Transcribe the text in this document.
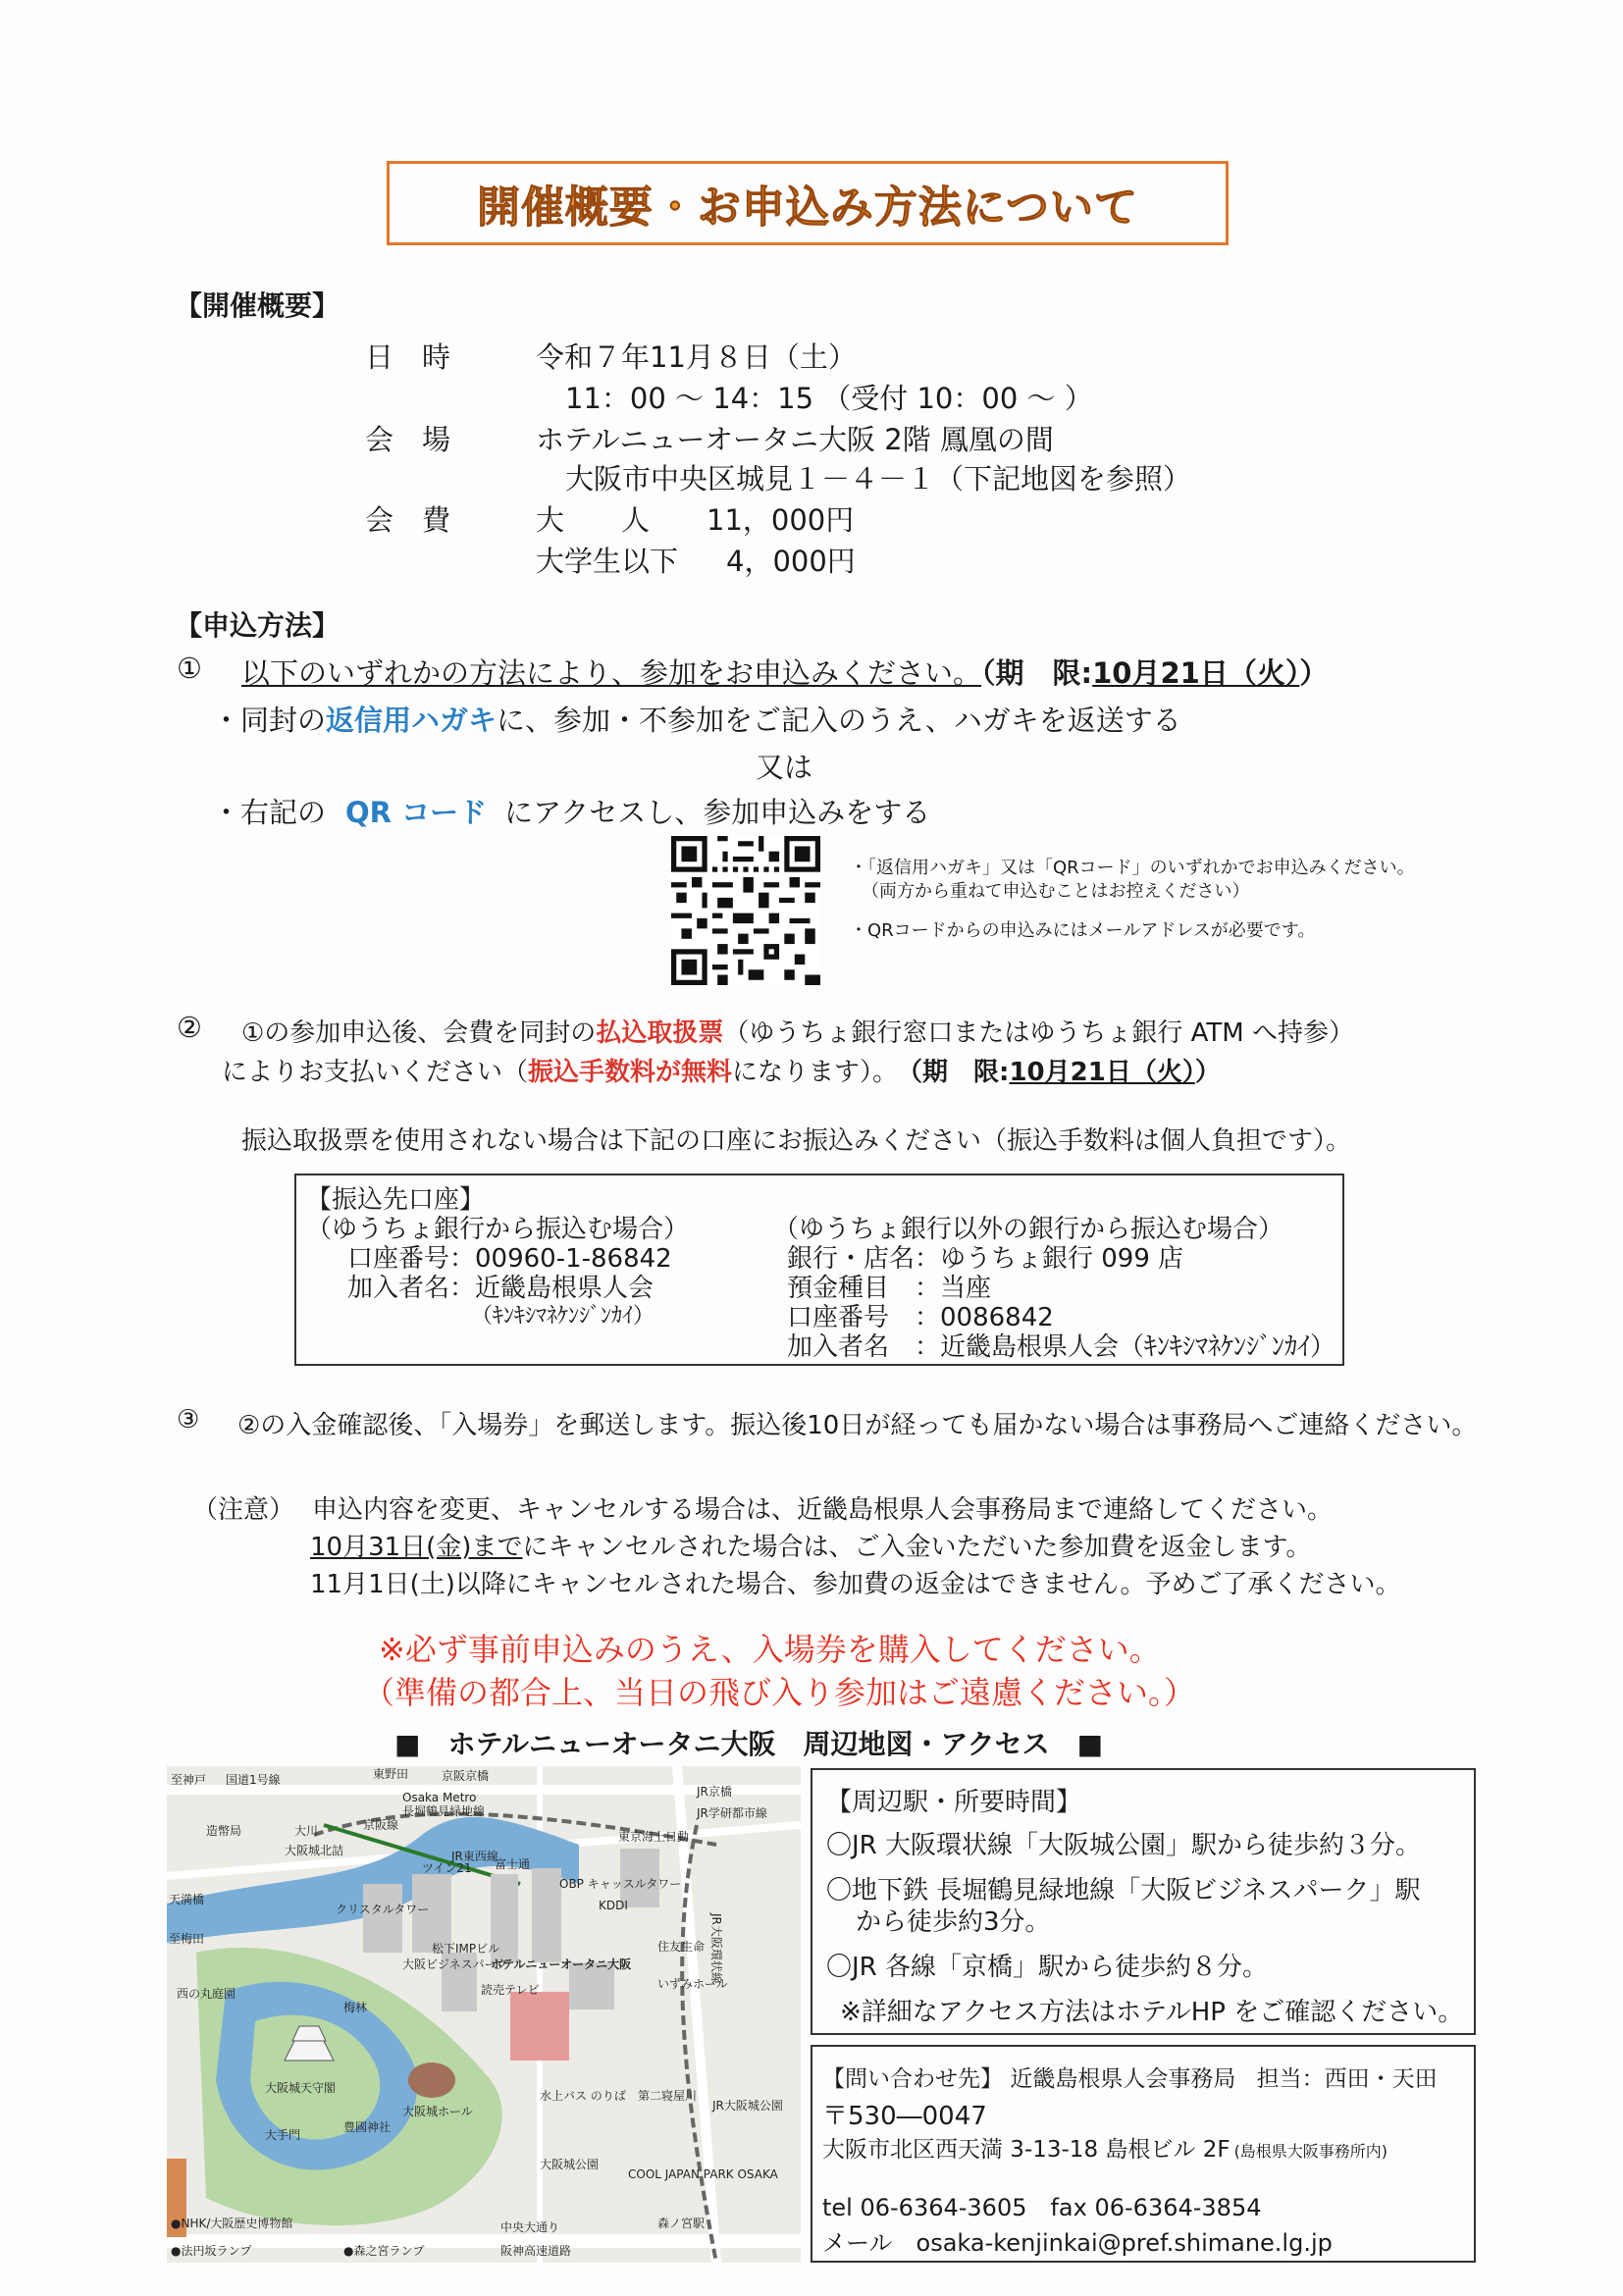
開催概要・お申込み方法について
【開催概要】
日　時	令和７年11月８日（土）
11：00 ～ 14：15 （受付 10：00 ～ ）
会　場	ホテルニューオータニ大阪 2階 鳳凰の間
大阪市中央区城見１－４－１（下記地図を参照）
会　費	大　　人 11，000円
大学生以下 4，000円
【申込方法】
① 以下のいずれかの方法により、参加をお申込みください。（期　限:10月21日（火））
・同封の返信用ハガキに、参加・不参加をご記入のうえ、ハガキを返送する
又は
・右記の QR コード にアクセスし、参加申込みをする
・「返信用ハガキ」又は「QRコード」のいずれかでお申込みください。
（両方から重ねて申込むことはお控えください）
・QRコードからの申込みにはメールアドレスが必要です。
② ①の参加申込後、会費を同封の払込取扱票（ゆうちょ銀行窓口またはゆうちょ銀行 ATM へ持参）
によりお支払いください（振込手数料が無料になります）。 （期　限:10月21日（火））
振込取扱票を使用されない場合は下記の口座にお振込みください（振込手数料は個人負担です）。
【振込先口座】
（ゆうちょ銀行から振込む場合）
口座番号：00960-1-86842
加入者名：近畿島根県人会
（ｷﾝｷｼﾏﾈｹﾝｼﾞﾝｶｲ）
（ゆうちょ銀行以外の銀行から振込む場合）
銀行・店名：ゆうちょ銀行 099 店
預金種目　：当座
口座番号　：0086842
加入者名　：近畿島根県人会（ｷﾝｷｼﾏﾈｹﾝｼﾞﾝｶｲ）
③ ②の入金確認後、「入場券」を郵送します。振込後10日が経っても届かない場合は事務局へご連絡ください。
（注意） 申込内容を変更、キャンセルする場合は、近畿島根県人会事務局まで連絡してください。
10月31日(金)までにキャンセルされた場合は、ご入金いただいた参加費を返金します。
11月1日(土)以降にキャンセルされた場合、参加費の返金はできません。予めご了承ください。
※必ず事前申込みのうえ、入場券を購入してください。
（準備の都合上、当日の飛び入り参加はご遠慮ください。）
■　ホテルニューオータニ大阪　周辺地図・アクセス　■
至神戸 国道1号線	東野田	京阪京橋
JR京橋
Osaka Metro
長堀鶴見緑地線
京阪線
JR東西線
JR学研都市線
造幣局	大川
大阪城北詰
天満橋
至梅田
富士通
ツイン21
OBP キャッスルタワー
KDDI
東京海上日動
クリスタルタワー
松下IMPビル
ホテルニューオータニ大阪
大阪ビジネスパーク
読売テレビ	いずみホール
住友生命 JR大阪環状線
大阪城天守閣
大阪城ホール
西の丸庭園
梅林
大手門
豊國神社
水上バス のりば
大阪城公園
COOL JAPAN PARK OSAKA
第二寝屋川
JR大阪城公園
●NHK/大阪歴史博物館
●法円坂ランプ	●森之宮ランプ	阪神高速道路
森ノ宮駅
中央大通り
【周辺駅・所要時間】
〇JR 大阪環状線「大阪城公園」駅から徒歩約３分。
〇地下鉄 長堀鶴見緑地線「大阪ビジネスパーク」駅
から徒歩約3分。
〇JR 各線「京橋」駅から徒歩約８分。
※詳細なアクセス方法はホテルHP をご確認ください。
【問い合わせ先】 近畿島根県人会事務局 担当：西田・天田
〒530―0047
大阪市北区西天満 3-13-18 島根ビル 2F (島根県大阪事務所内)
tel 06-6364-3605　fax 06-6364-3854
メール　osaka-kenjinkai@pref.shimane.lg.jp
